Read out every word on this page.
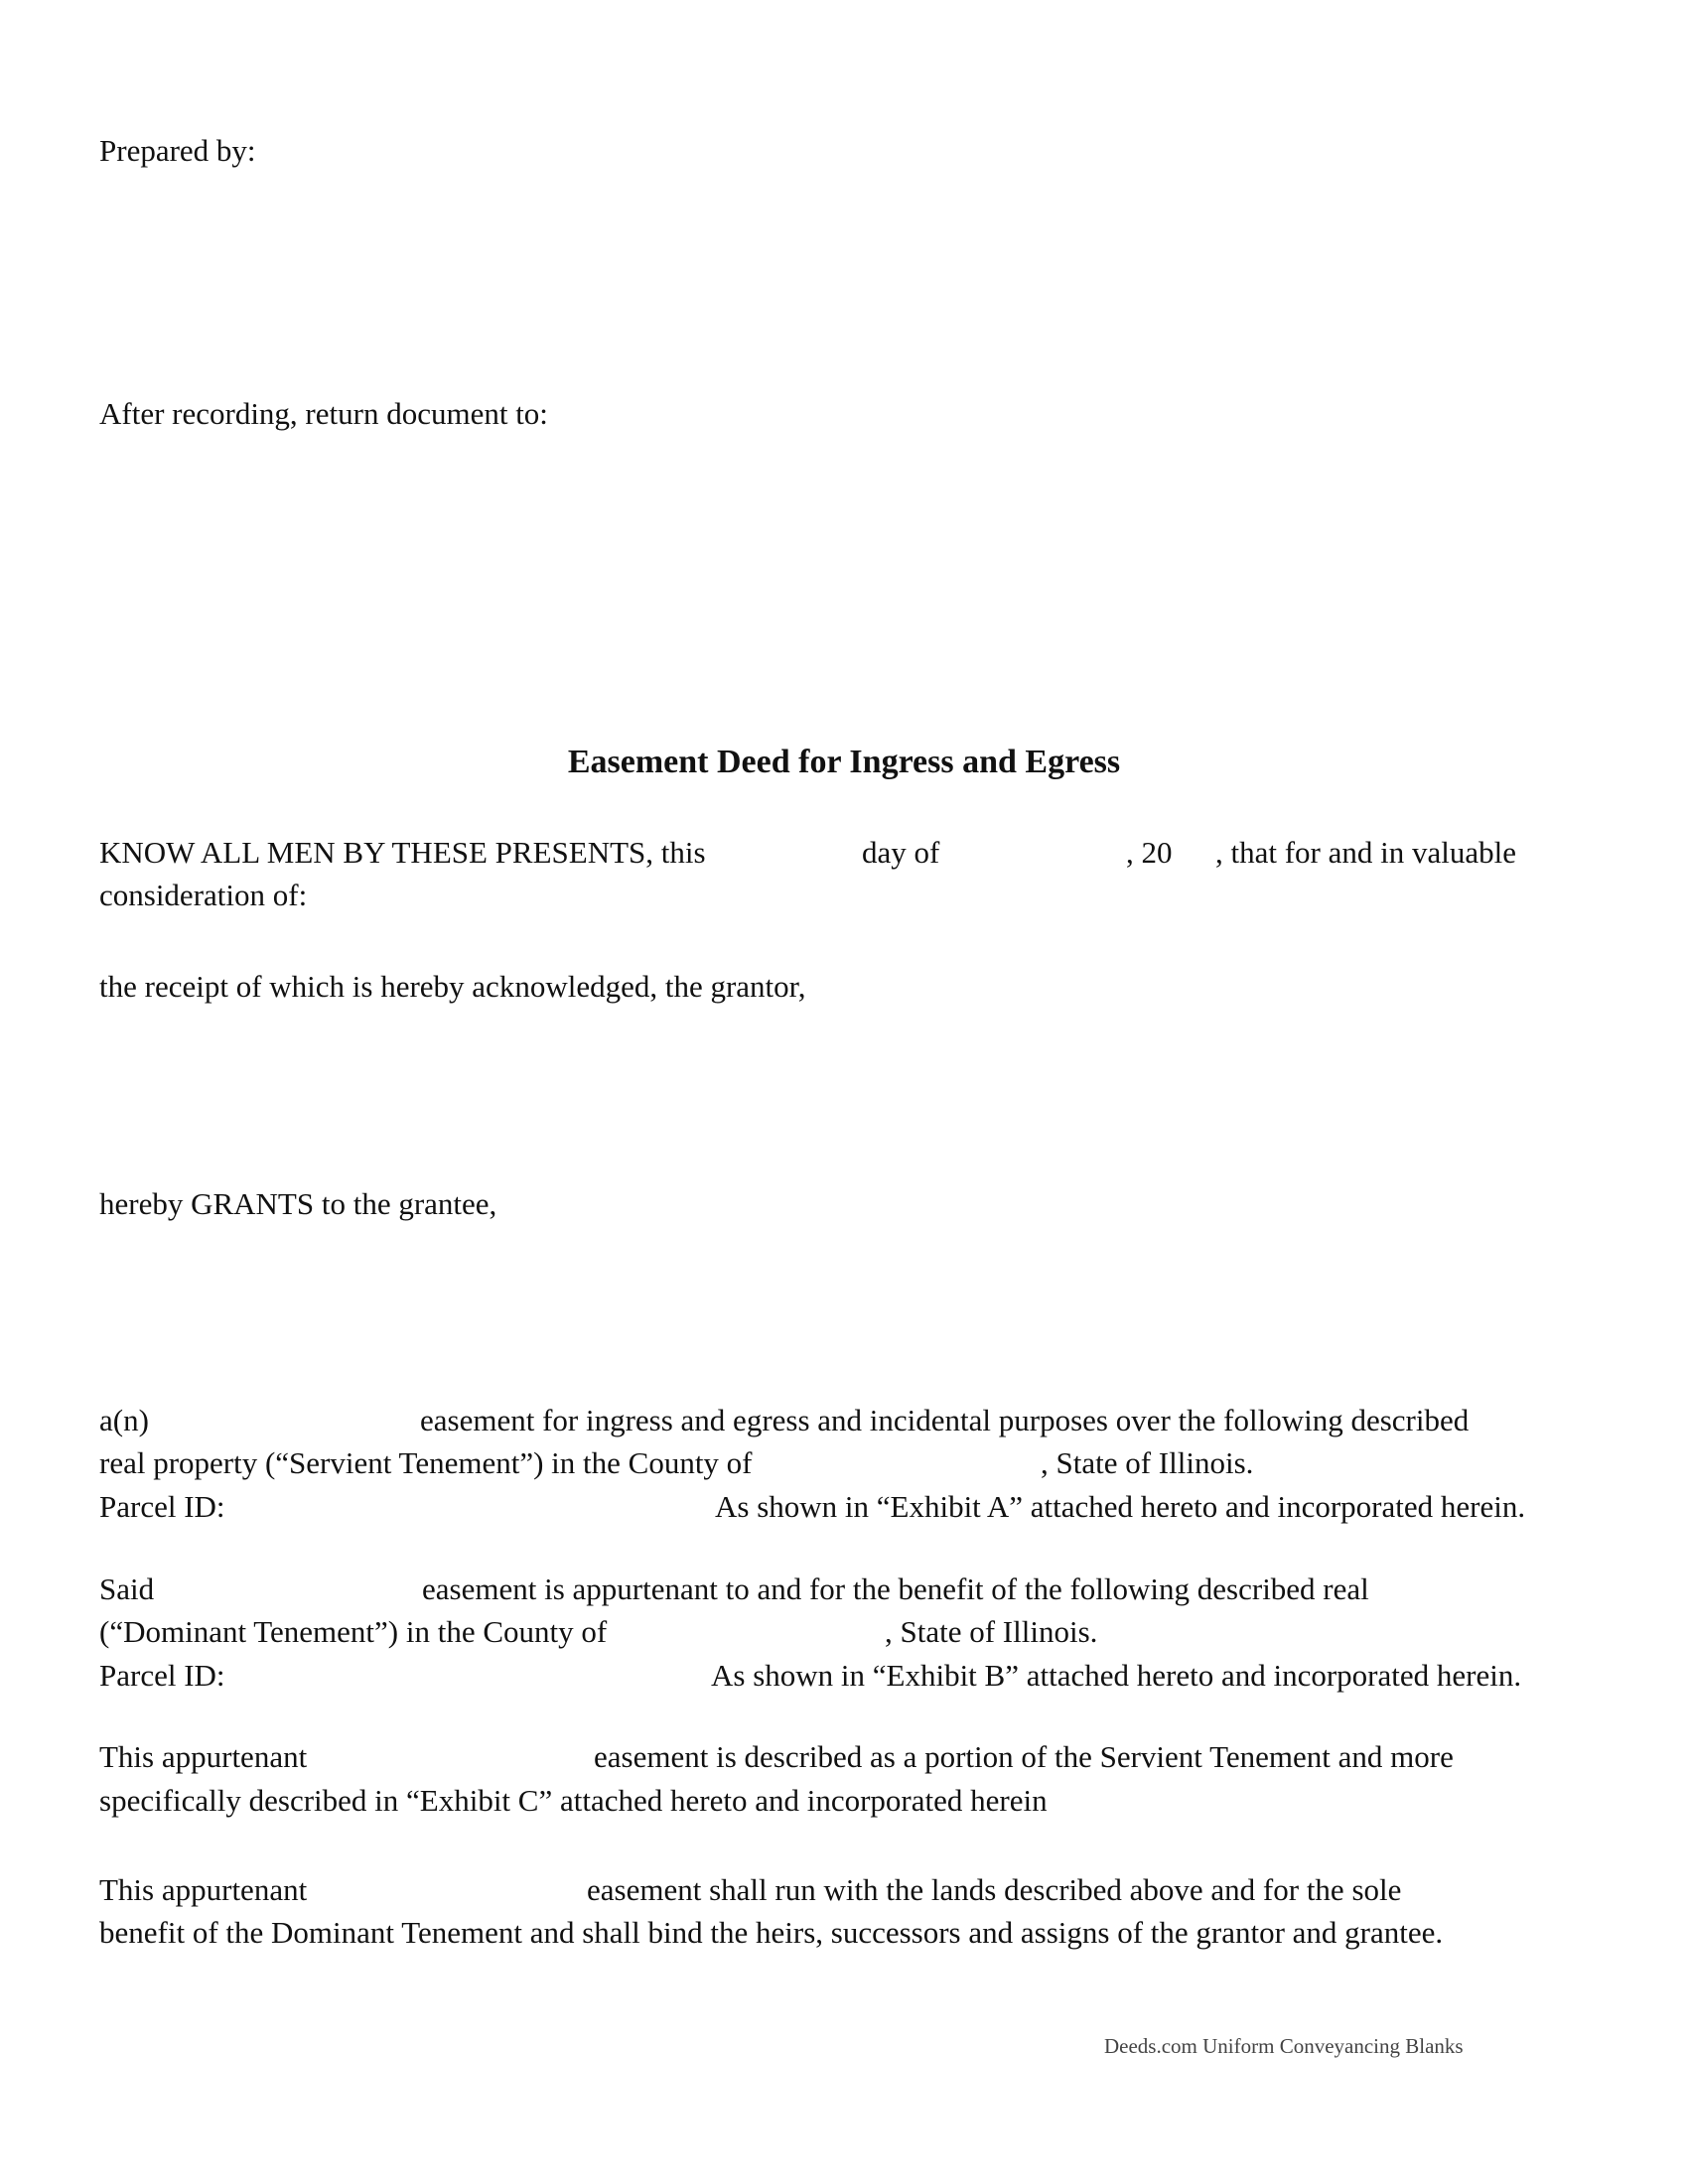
Prepared by:
After recording, return document to:
Easement Deed for Ingress and Egress
KNOW ALL MEN BY THESE PRESENTS, this	day of	, 20 , that for and in valuable
consideration of:
the receipt of which is hereby acknowledged, the grantor,
hereby GRANTS to the grantee,
a(n)	easement for ingress and egress and incidental purposes over the following described
real property (“Servient Tenement”) in the County of	, State of Illinois.
Parcel ID:	As shown in “Exhibit A” attached hereto and incorporated herein.
Said	easement is appurtenant to and for the benefit of the following described real
(“Dominant Tenement”) in the County of	, State of Illinois.
Parcel ID:	As shown in “Exhibit B” attached hereto and incorporated herein.
This appurtenant	easement is described as a portion of the Servient Tenement and more
specifically described in “Exhibit C” attached hereto and incorporated herein
This appurtenant	easement shall run with the lands described above and for the sole
benefit of the Dominant Tenement and shall bind the heirs, successors and assigns of the grantor and grantee.
Deeds.com Uniform Conveyancing Blanks
